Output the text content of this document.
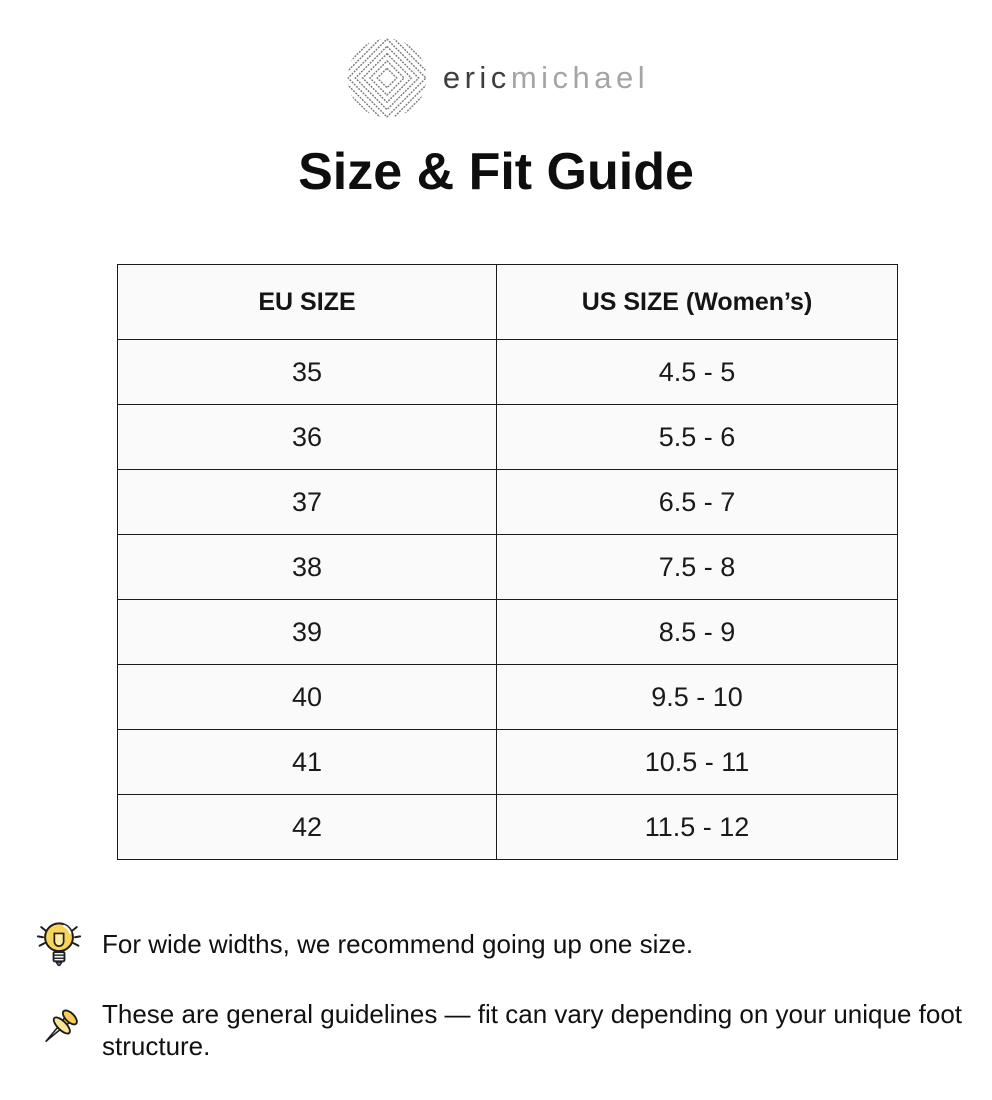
ericmichael
Size & Fit Guide
EU SIZE	US SIZE (Women’s)
35	4.5 - 5
36	5.5 - 6
37	6.5 - 7
38	7.5 - 8
39	8.5 - 9
40	9.5 - 10
41	10.5 - 11
42	11.5 - 12

For wide widths, we recommend going up one size.

These are general guidelines — fit can vary depending on your unique foot structure.
